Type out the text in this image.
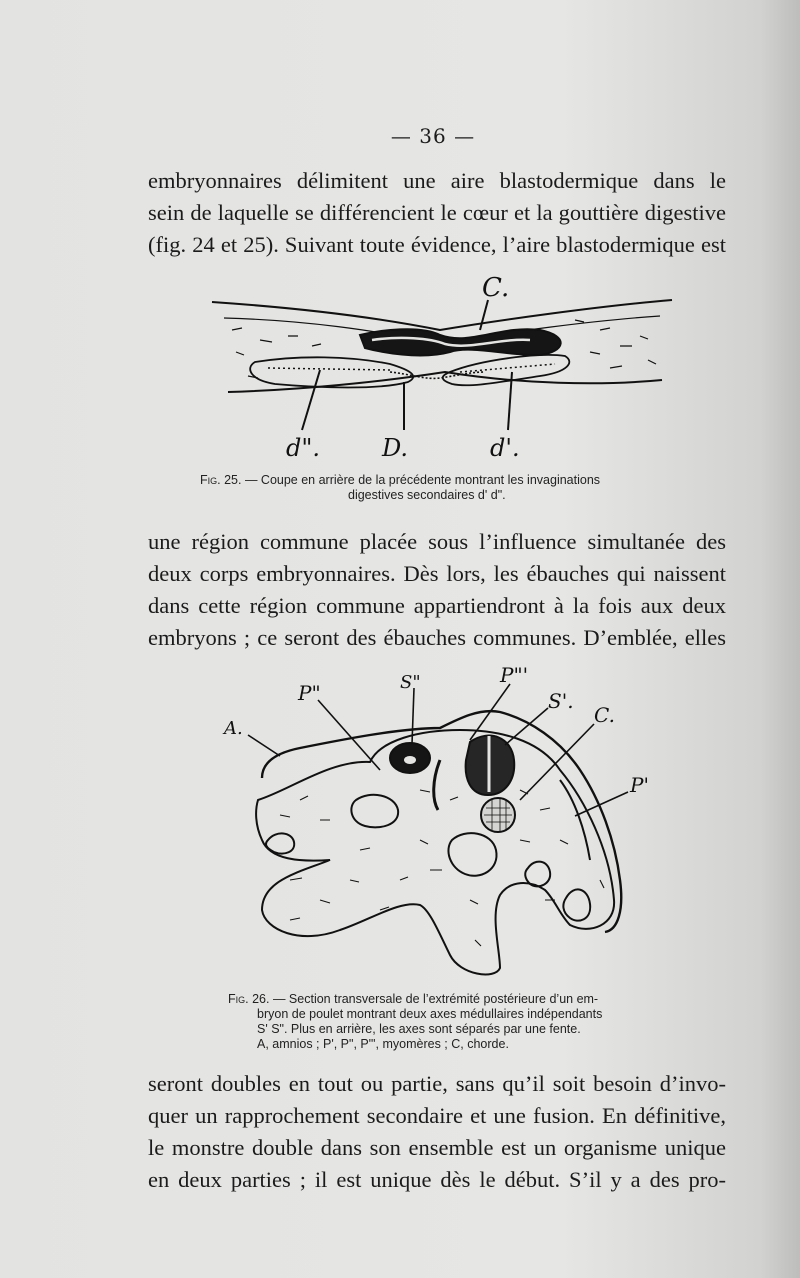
— 36 —
embryonnaires délimitent une aire blastodermique dans le
sein de laquelle se différencient le cœur et la gouttière digestive
(fig. 24 et 25). Suivant toute évidence, l’aire blastodermique est
C.
d".	D.	d'.
Fig. 25. — Coupe en arrière de la précédente montrant les invaginations
digestives secondaires d' d".
une région commune placée sous l’influence simultanée des
deux corps embryonnaires. Dès lors, les ébauches qui naissent
dans cette région commune appartiendront à la fois aux deux
embryons ; ce seront des ébauches communes. D’emblée, elles
P"	S"	P"'
S'.
C.
A.
P'
Fig. 26. — Section transversale de l’extrémité postérieure d’un em-
bryon de poulet montrant deux axes médullaires indépendants
S' S". Plus en arrière, les axes sont séparés par une fente.
A, amnios ; P', P", P"', myomères ; C, chorde.
seront doubles en tout ou partie, sans qu’il soit besoin d’invo-
quer un rapprochement secondaire et une fusion. En définitive,
le monstre double dans son ensemble est un organisme unique
en deux parties ; il est unique dès le début. S’il y a des pro-
